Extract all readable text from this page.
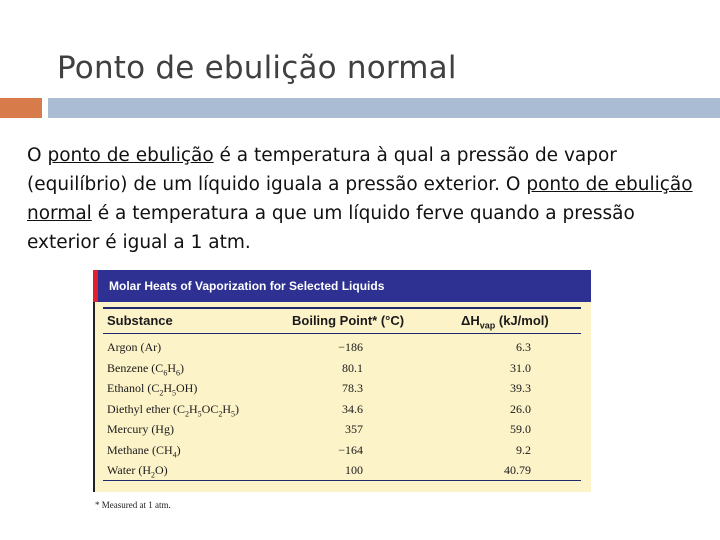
Ponto de ebulição normal
O ponto de ebulição é a temperatura à qual a pressão de vapor (equilíbrio) de um líquido iguala a pressão exterior. O ponto de ebulição normal é a temperatura a que um líquido ferve quando a pressão exterior é igual a 1 atm.
Molar Heats of Vaporization for Selected Liquids
Substance	Boiling Point* (°C)	$\Delta H_{vap}$ (kJ/mol)
Argon (Ar)	−186	6.3
Benzene $(C_6H_6)$	80.1	31.0
Ethanol $(C_2H_5OH)$	78.3	39.3
Diethyl ether $(C_2H_5OC_2H_5)$	34.6	26.0
Mercury (Hg)	357	59.0
Methane $(CH_4)$	−164	9.2
Water $(H_2O)$	100	40.79
* Measured at 1 atm.
